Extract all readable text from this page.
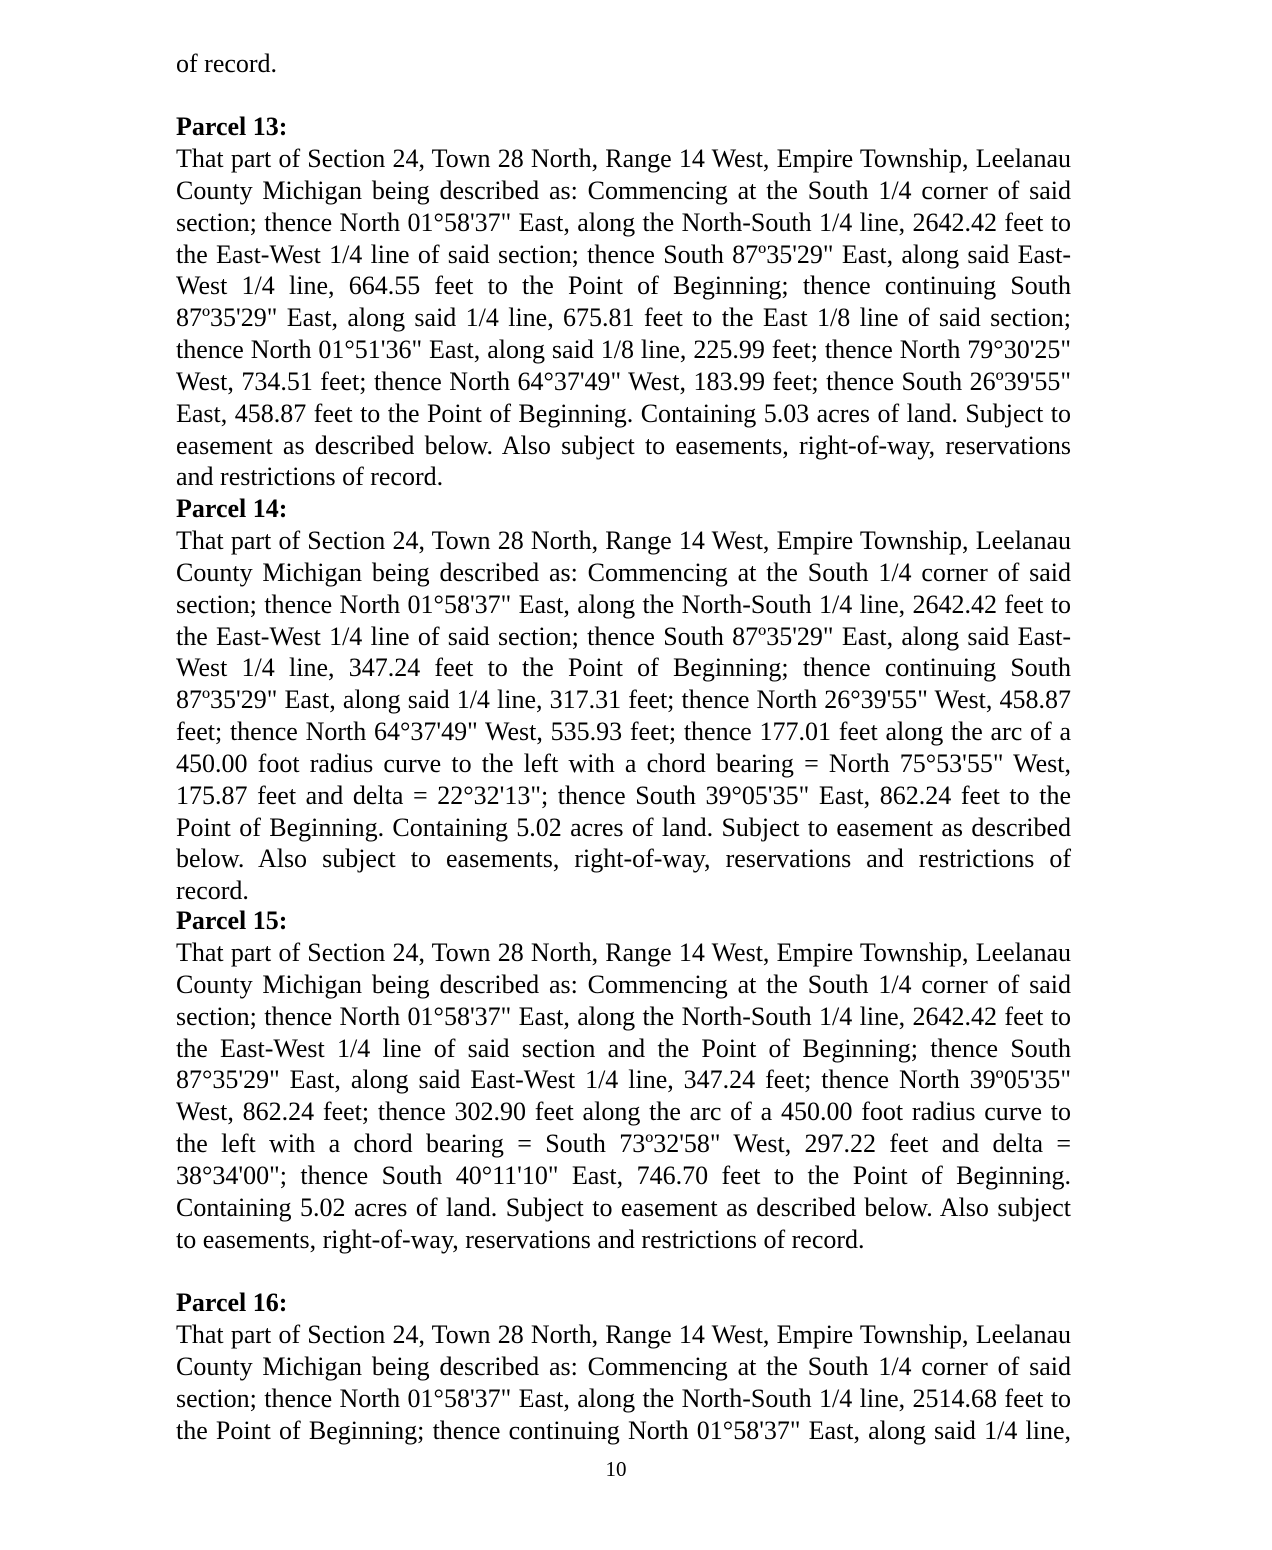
of record.

Parcel 13:

That part of Section 24, Town 28 North, Range 14 West, Empire Township, Leelanau County Michigan being described as: Commencing at the South 1/4 corner of said section; thence North 01°58'37" East, along the North-South 1/4 line, 2642.42 feet to the East-West 1/4 line of said section; thence South 87º35'29" East, along said East-West 1/4 line, 664.55 feet to the Point of Beginning; thence continuing South 87º35'29" East, along said 1/4 line, 675.81 feet to the East 1/8 line of said section; thence North 01°51'36" East, along said 1/8 line, 225.99 feet; thence North 79°30'25" West, 734.51 feet; thence North 64°37'49" West, 183.99 feet; thence South 26º39'55" East, 458.87 feet to the Point of Beginning. Containing 5.03 acres of land. Subject to easement as described below. Also subject to easements, right-of-way, reservations and restrictions of record.

Parcel 14:

That part of Section 24, Town 28 North, Range 14 West, Empire Township, Leelanau County Michigan being described as: Commencing at the South 1/4 corner of said section; thence North 01°58'37" East, along the North-South 1/4 line, 2642.42 feet to the East-West 1/4 line of said section; thence South 87º35'29" East, along said East-West 1/4 line, 347.24 feet to the Point of Beginning; thence continuing South 87º35'29" East, along said 1/4 line, 317.31 feet; thence North 26°39'55" West, 458.87 feet; thence North 64°37'49" West, 535.93 feet; thence 177.01 feet along the arc of a 450.00 foot radius curve to the left with a chord bearing = North 75°53'55" West, 175.87 feet and delta = 22°32'13"; thence South 39°05'35" East, 862.24 feet to the Point of Beginning. Containing 5.02 acres of land. Subject to easement as described below. Also subject to easements, right-of-way, reservations and restrictions of record.

Parcel 15:

That part of Section 24, Town 28 North, Range 14 West, Empire Township, Leelanau County Michigan being described as: Commencing at the South 1/4 corner of said section; thence North 01°58'37" East, along the North-South 1/4 line, 2642.42 feet to the East-West 1/4 line of said section and the Point of Beginning; thence South 87°35'29" East, along said East-West 1/4 line, 347.24 feet; thence North 39º05'35" West, 862.24 feet; thence 302.90 feet along the arc of a 450.00 foot radius curve to the left with a chord bearing = South 73º32'58" West, 297.22 feet and delta = 38°34'00"; thence South 40°11'10" East, 746.70 feet to the Point of Beginning. Containing 5.02 acres of land. Subject to easement as described below. Also subject to easements, right-of-way, reservations and restrictions of record.

Parcel 16:

That part of Section 24, Town 28 North, Range 14 West, Empire Township, Leelanau County Michigan being described as: Commencing at the South 1/4 corner of said section; thence North 01°58'37" East, along the North-South 1/4 line, 2514.68 feet to the Point of Beginning; thence continuing North 01°58'37" East, along said 1/4 line,

10
